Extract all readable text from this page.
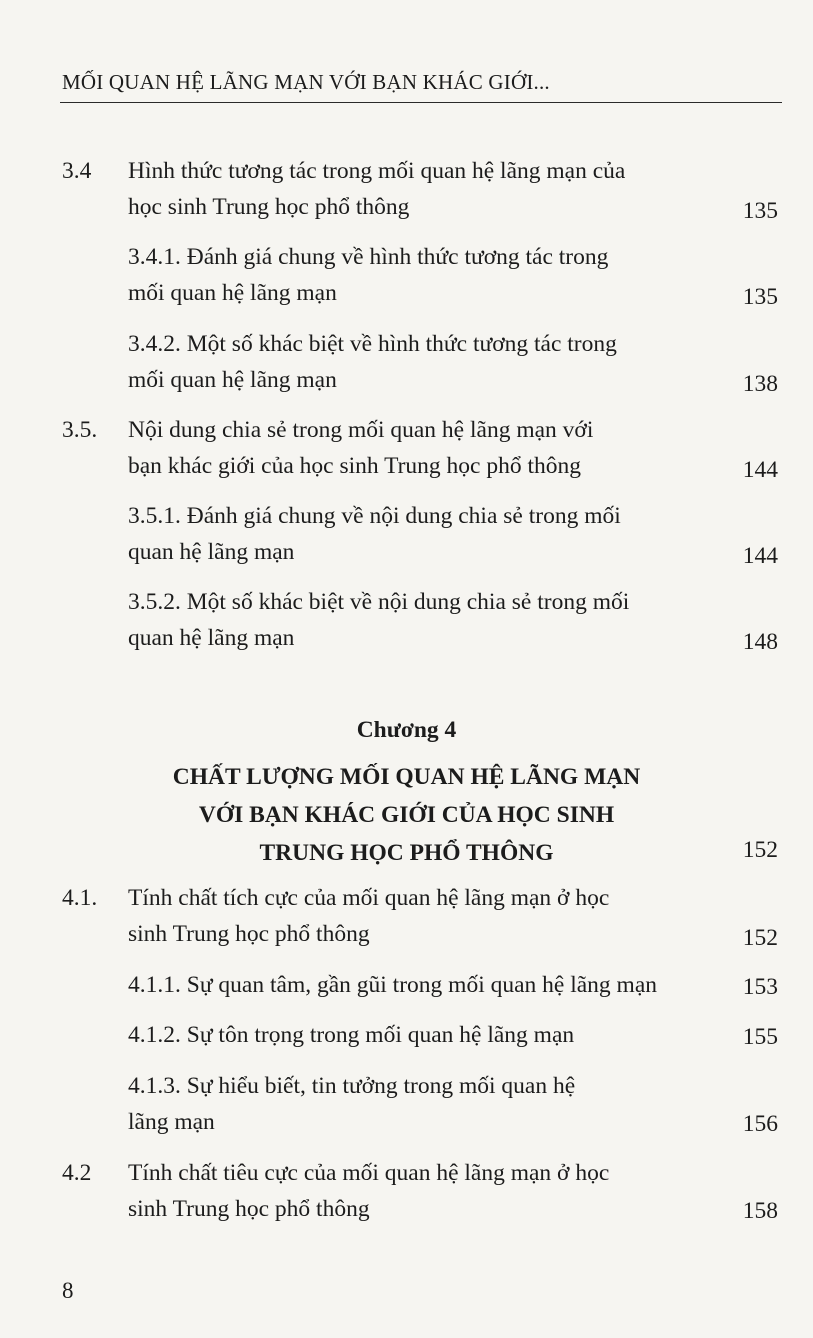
MỐI QUAN HỆ LÃNG MẠN VỚI BẠN KHÁC GIỚI...
3.4 Hình thức tương tác trong mối quan hệ lãng mạn của
học sinh Trung học phổ thông	135
3.4.1. Đánh giá chung về hình thức tương tác trong
mối quan hệ lãng mạn	135
3.4.2. Một số khác biệt về hình thức tương tác trong
mối quan hệ lãng mạn	138
3.5. Nội dung chia sẻ trong mối quan hệ lãng mạn với
bạn khác giới của học sinh Trung học phổ thông	144
3.5.1. Đánh giá chung về nội dung chia sẻ trong mối
quan hệ lãng mạn	144
3.5.2. Một số khác biệt về nội dung chia sẻ trong mối
quan hệ lãng mạn	148
Chương 4
CHẤT LƯỢNG MỐI QUAN HỆ LÃNG MẠN
VỚI BẠN KHÁC GIỚI CỦA HỌC SINH
TRUNG HỌC PHỔ THÔNG	152
4.1. Tính chất tích cực của mối quan hệ lãng mạn ở học
sinh Trung học phổ thông	152
4.1.1. Sự quan tâm, gần gũi trong mối quan hệ lãng mạn	153
4.1.2. Sự tôn trọng trong mối quan hệ lãng mạn	155
4.1.3. Sự hiểu biết, tin tưởng trong mối quan hệ
lãng mạn	156
4.2 Tính chất tiêu cực của mối quan hệ lãng mạn ở học
sinh Trung học phổ thông	158
8
